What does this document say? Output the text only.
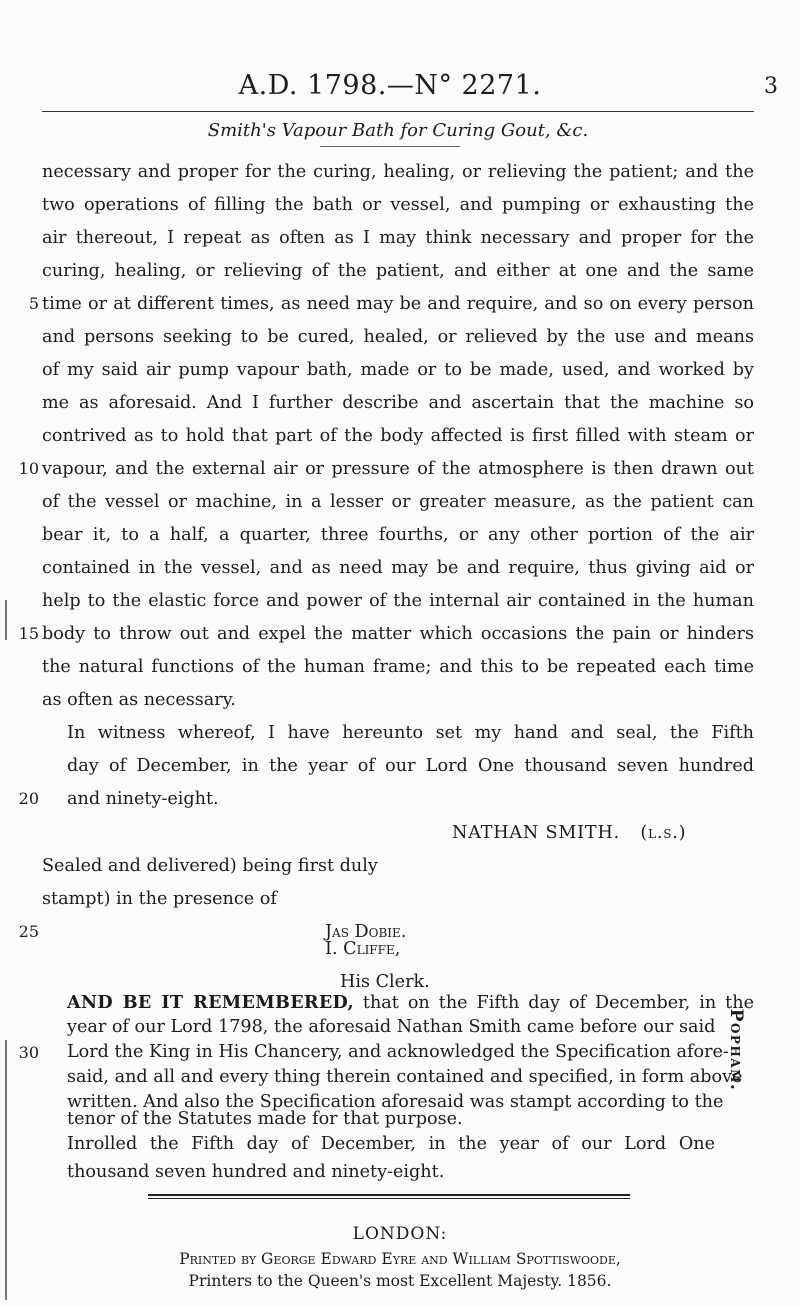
A.D. 1798.—N° 2271.	3
Smith's Vapour Bath for Curing Gout, &c.
necessary and proper for the curing, healing, or relieving the patient; and the
two operations of filling the bath or vessel, and pumping or exhausting the
air thereout, I repeat as often as I may think necessary and proper for the
curing, healing, or relieving of the patient, and either at one and the same
time or at different times, as need may be and require, and so on every person
and persons seeking to be cured, healed, or relieved by the use and means
of my said air pump vapour bath, made or to be made, used, and worked by
me as aforesaid. And I further describe and ascertain that the machine so
contrived as to hold that part of the body affected is first filled with steam or
vapour, and the external air or pressure of the atmosphere is then drawn out
of the vessel or machine, in a lesser or greater measure, as the patient can
bear it, to a half, a quarter, three fourths, or any other portion of the air
contained in the vessel, and as need may be and require, thus giving aid or
help to the elastic force and power of the internal air contained in the human
body to throw out and expel the matter which occasions the pain or hinders
the natural functions of the human frame; and this to be repeated each time
as often as necessary.
5
10
15
20
25
30
In witness whereof, I have hereunto set my hand and seal, the Fifth
day of December, in the year of our Lord One thousand seven hundred
and ninety-eight.
NATHAN SMITH. (l.s.)
Sealed and delivered) being first duly
stampt) in the presence of
Jas Dobie.
I. Cliffe,
His Clerk.
AND BE IT REMEMBERED, that on the Fifth day of December, in the
year of our Lord 1798, the aforesaid Nathan Smith came before our said
Lord the King in His Chancery, and acknowledged the Specification afore-
said, and all and every thing therein contained and specified, in form above
written. And also the Specification aforesaid was stampt according to the
tenor of the Statutes made for that purpose.
Popham.
LONDON:
Printed by George Edward Eyre and William Spottiswoode,
Printers to the Queen's most Excellent Majesty. 1856.
Inrolled the Fifth day of December, in the year of our Lord One
thousand seven hundred and ninety-eight.
